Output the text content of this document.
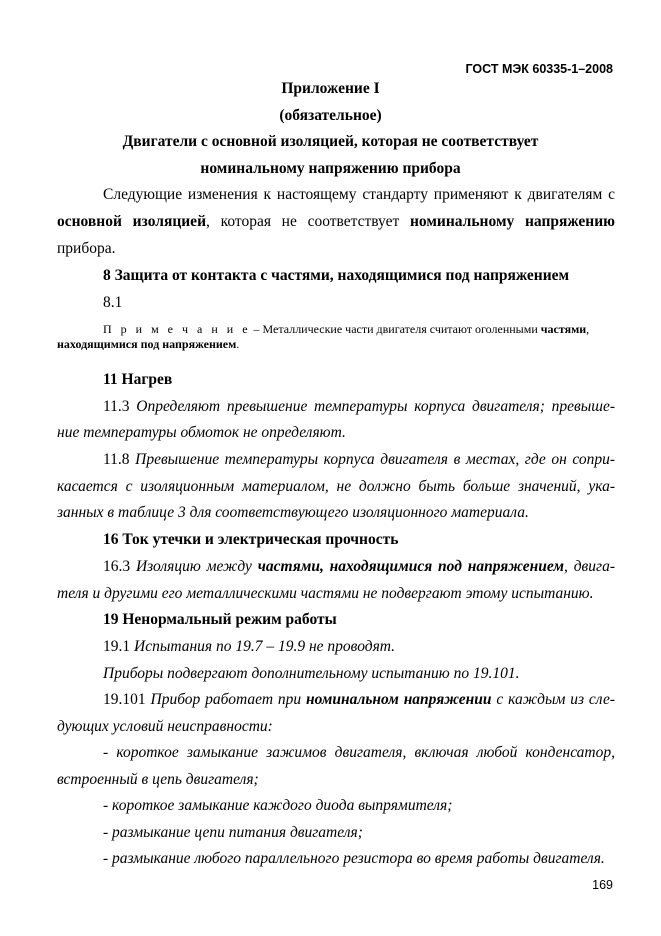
ГОСТ МЭК 60335-1–2008
Приложение I
(обязательное)
Двигатели с основной изоляцией, которая не соответствует
номинальному напряжению прибора
Следующие изменения к настоящему стандарту применяют к двигателям с
основной изоляцией, которая не соответствует номинальному напряжению
прибора.
8 Защита от контакта с частями, находящимися под напряжением
8.1
П р и м е ч а н и е – Металлические части двигателя считают оголенными частями,
находящимися под напряжением.
11 Нагрев
11.3 Определяют превышение температуры корпуса двигателя; превыше-
ние температуры обмоток не определяют.
11.8 Превышение температуры корпуса двигателя в местах, где он сопри-
касается с изоляционным материалом, не должно быть больше значений, ука-
занных в таблице 3 для соответствующего изоляционного материала.
16 Ток утечки и электрическая прочность
16.3 Изоляцию между частями, находящимися под напряжением, двига-
теля и другими его металлическими частями не подвергают этому испытанию.
19 Ненормальный режим работы
19.1 Испытания по 19.7 – 19.9 не проводят.
Приборы подвергают дополнительному испытанию по 19.101.
19.101 Прибор работает при номинальном напряжении с каждым из сле-
дующих условий неисправности:
- короткое замыкание зажимов двигателя, включая любой конденсатор,
встроенный в цепь двигателя;
- короткое замыкание каждого диода выпрямителя;
- размыкание цепи питания двигателя;
- размыкание любого параллельного резистора во время работы двигателя.
169
